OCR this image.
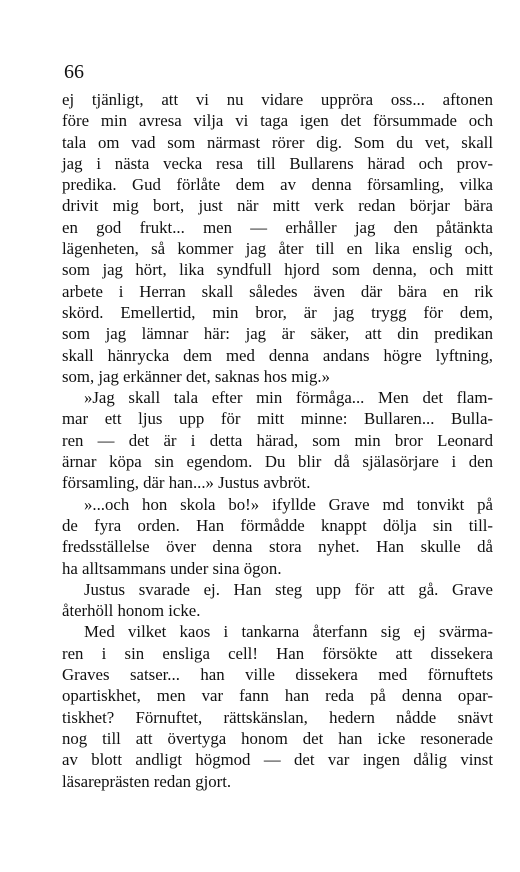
66
ej tjänligt, att vi nu vidare uppröra oss... aftonen
före min avresa vilja vi taga igen det försummade och
tala om vad som närmast rörer dig. Som du vet, skall
jag i nästa vecka resa till Bullarens härad och prov-
predika. Gud förlåte dem av denna församling, vilka
drivit mig bort, just när mitt verk redan börjar bära
en god frukt... men — erhåller jag den påtänkta
lägenheten, så kommer jag åter till en lika enslig och,
som jag hört, lika syndfull hjord som denna, och mitt
arbete i Herran skall således även där bära en rik
skörd. Emellertid, min bror, är jag trygg för dem,
som jag lämnar här: jag är säker, att din predikan
skall hänrycka dem med denna andans högre lyftning,
som, jag erkänner det, saknas hos mig.»
»Jag skall tala efter min förmåga... Men det flam-
mar ett ljus upp för mitt minne: Bullaren... Bulla-
ren — det är i detta härad, som min bror Leonard
ärnar köpa sin egendom. Du blir då själasörjare i den
församling, där han...» Justus avbröt.
»...och hon skola bo!» ifyllde Grave md tonvikt på
de fyra orden. Han förmådde knappt dölja sin till-
fredsställelse över denna stora nyhet. Han skulle då
ha alltsammans under sina ögon.
Justus svarade ej. Han steg upp för att gå. Grave
återhöll honom icke.
Med vilket kaos i tankarna återfann sig ej svärma-
ren i sin ensliga cell! Han försökte att dissekera
Graves satser... han ville dissekera med förnuftets
opartiskhet, men var fann han reda på denna opar-
tiskhet? Förnuftet, rättskänslan, hedern nådde snävt
nog till att övertyga honom det han icke resonerade
av blott andligt högmod — det var ingen dålig vinst
läsareprästen redan gjort.
